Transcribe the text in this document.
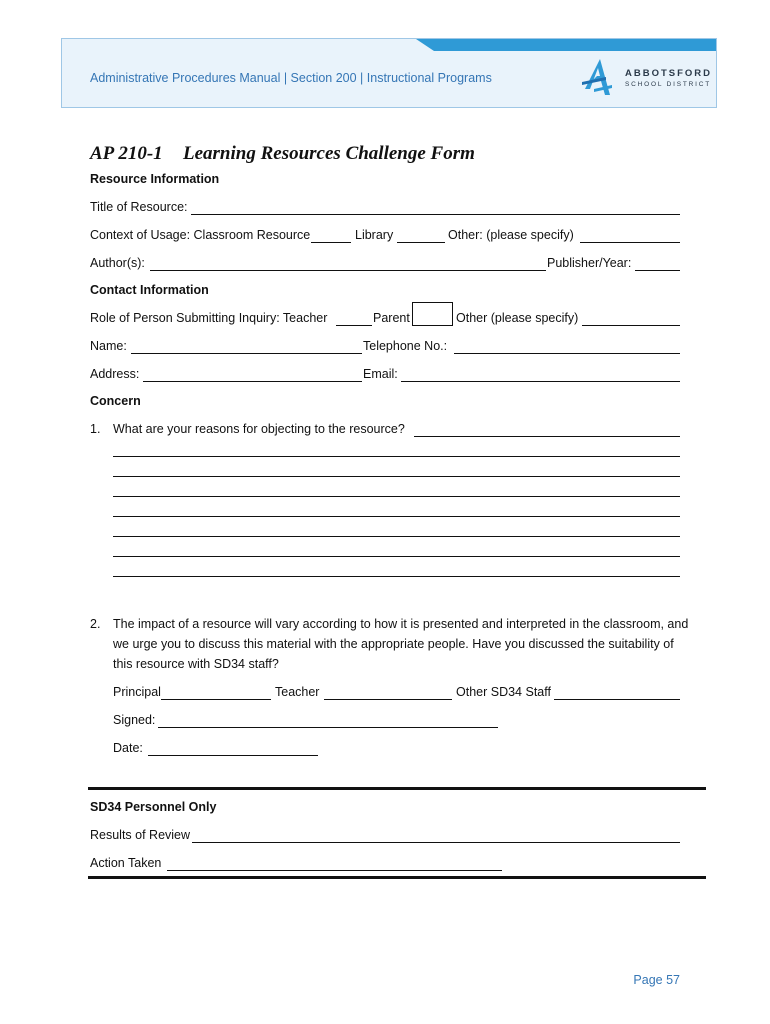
Administrative Procedures Manual | Section 200 | Instructional Programs	ABBOTSFORD
SCHOOL DISTRICT
AP 210-1 Learning Resources Challenge Form
Resource Information
Title of Resource:
Context of Usage: Classroom Resource	Library	Other: (please specify)
Author(s):	Publisher/Year:
Contact Information
Role of Person Submitting Inquiry: Teacher	Parent	Other (please specify)
Name:	Telephone No.:
Address:	Email:
Concern
1. What are your reasons for objecting to the resource?
2. The impact of a resource will vary according to how it is presented and interpreted in the classroom, and
we urge you to discuss this material with the appropriate people. Have you discussed the suitability of
this resource with SD34 staff?
Principal	Teacher	Other SD34 Staff
Signed:
Date:
SD34 Personnel Only
Results of Review
Action Taken
Page 57
